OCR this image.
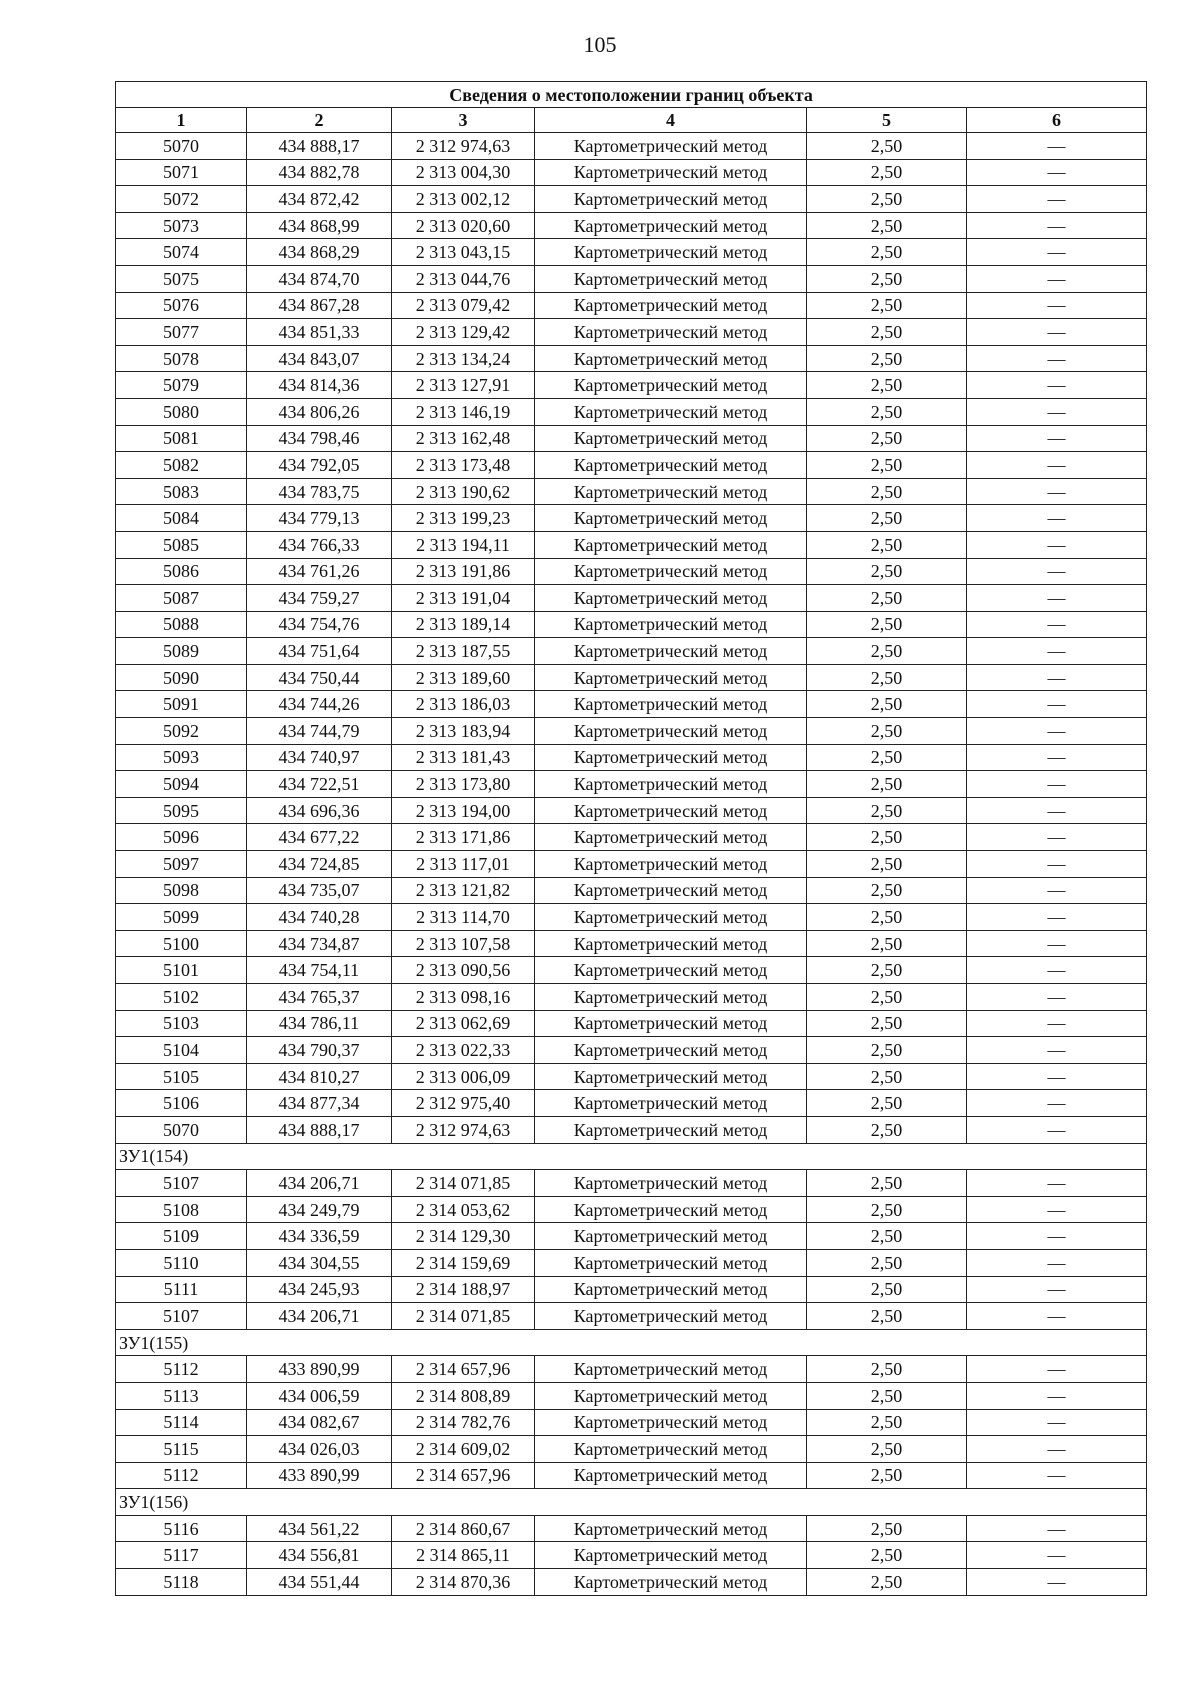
105
Сведения о местоположении границ объекта					
1	2	3	4	5	6
5070	434 888,17	2 312 974,63	Картометрический метод	2,50	—
5071	434 882,78	2 313 004,30	Картометрический метод	2,50	—
5072	434 872,42	2 313 002,12	Картометрический метод	2,50	—
5073	434 868,99	2 313 020,60	Картометрический метод	2,50	—
5074	434 868,29	2 313 043,15	Картометрический метод	2,50	—
5075	434 874,70	2 313 044,76	Картометрический метод	2,50	—
5076	434 867,28	2 313 079,42	Картометрический метод	2,50	—
5077	434 851,33	2 313 129,42	Картометрический метод	2,50	—
5078	434 843,07	2 313 134,24	Картометрический метод	2,50	—
5079	434 814,36	2 313 127,91	Картометрический метод	2,50	—
5080	434 806,26	2 313 146,19	Картометрический метод	2,50	—
5081	434 798,46	2 313 162,48	Картометрический метод	2,50	—
5082	434 792,05	2 313 173,48	Картометрический метод	2,50	—
5083	434 783,75	2 313 190,62	Картометрический метод	2,50	—
5084	434 779,13	2 313 199,23	Картометрический метод	2,50	—
5085	434 766,33	2 313 194,11	Картометрический метод	2,50	—
5086	434 761,26	2 313 191,86	Картометрический метод	2,50	—
5087	434 759,27	2 313 191,04	Картометрический метод	2,50	—
5088	434 754,76	2 313 189,14	Картометрический метод	2,50	—
5089	434 751,64	2 313 187,55	Картометрический метод	2,50	—
5090	434 750,44	2 313 189,60	Картометрический метод	2,50	—
5091	434 744,26	2 313 186,03	Картометрический метод	2,50	—
5092	434 744,79	2 313 183,94	Картометрический метод	2,50	—
5093	434 740,97	2 313 181,43	Картометрический метод	2,50	—
5094	434 722,51	2 313 173,80	Картометрический метод	2,50	—
5095	434 696,36	2 313 194,00	Картометрический метод	2,50	—
5096	434 677,22	2 313 171,86	Картометрический метод	2,50	—
5097	434 724,85	2 313 117,01	Картометрический метод	2,50	—
5098	434 735,07	2 313 121,82	Картометрический метод	2,50	—
5099	434 740,28	2 313 114,70	Картометрический метод	2,50	—
5100	434 734,87	2 313 107,58	Картометрический метод	2,50	—
5101	434 754,11	2 313 090,56	Картометрический метод	2,50	—
5102	434 765,37	2 313 098,16	Картометрический метод	2,50	—
5103	434 786,11	2 313 062,69	Картометрический метод	2,50	—
5104	434 790,37	2 313 022,33	Картометрический метод	2,50	—
5105	434 810,27	2 313 006,09	Картометрический метод	2,50	—
5106	434 877,34	2 312 975,40	Картометрический метод	2,50	—
5070	434 888,17	2 312 974,63	Картометрический метод	2,50	—
ЗУ1(154)					
5107	434 206,71	2 314 071,85	Картометрический метод	2,50	—
5108	434 249,79	2 314 053,62	Картометрический метод	2,50	—
5109	434 336,59	2 314 129,30	Картометрический метод	2,50	—
5110	434 304,55	2 314 159,69	Картометрический метод	2,50	—
5111	434 245,93	2 314 188,97	Картометрический метод	2,50	—
5107	434 206,71	2 314 071,85	Картометрический метод	2,50	—
ЗУ1(155)					
5112	433 890,99	2 314 657,96	Картометрический метод	2,50	—
5113	434 006,59	2 314 808,89	Картометрический метод	2,50	—
5114	434 082,67	2 314 782,76	Картометрический метод	2,50	—
5115	434 026,03	2 314 609,02	Картометрический метод	2,50	—
5112	433 890,99	2 314 657,96	Картометрический метод	2,50	—
ЗУ1(156)					
5116	434 561,22	2 314 860,67	Картометрический метод	2,50	—
5117	434 556,81	2 314 865,11	Картометрический метод	2,50	—
5118	434 551,44	2 314 870,36	Картометрический метод	2,50	—
